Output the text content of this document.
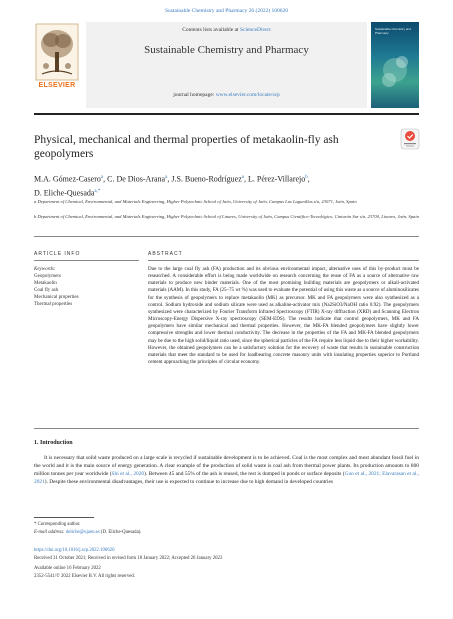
Sustainable Chemistry and Pharmacy 26 (2022) 100620
ELSEVIER
Contents lists available at ScienceDirect
Sustainable Chemistry and Pharmacy
journal homepage: www.elsevier.com/locate/scp
Sustainable Chemistry and Pharmacy
Physical, mechanical and thermal properties of metakaolin-fly ash geopolymers
M.A. Gómez-Casero$^a$, C. De Dios-Arana$^a$, J.S. Bueno-Rodríguez$^a$, L. Pérez-Villarejo$^b$,
D. Eliche-Quesada$^{a,*}$
a Department of Chemical, Environmental, and Materials Engineering, Higher Polytechnic School of Jaén, University of Jaén, Campus Las Lagunillas s/n, 23071, Jaén, Spain
b Department of Chemical, Environmental, and Materials Engineering, Higher Polytechnic School of Linares, University of Jaén, Campus Científico-Tecnológico, Cinturón Sur s/n, 23700, Linares, Jaén, Spain
ARTICLE INFO
Keywords:
Geopolymers
Metakaolin
Coal fly ash
Mechanical properties
Thermal properties
ABSTRACT
Due to the large coal fly ash (FA) production and its obvious environmental impact, alternative uses of this by-product must be researched. A considerable effort is being made worldwide on research concerning the reuse of FA as a source of alternative raw materials to produce new binder materials. One of the most promising building materials are geopolymers or alkali-activated materials (AAM). In this study, FA (25–75 wt %) was used to evaluate the potential of using this waste as a source of aluminosilicates for the synthesis of geopolymers to replace metakaolin (MK) as precursor. MK and FA geopolymers were also synthesized as a control. Sodium hydroxide and sodium silicate were used as alkaline-activator mix (Na2SiO3/NaOH ratio 0.92). The geopolymers synthesized were characterized by Fourier Transform Infrared Spectroscopy (FTIR) X-ray diffraction (XRD) and Scanning Electron Microscopy-Energy Dispersive X-ray spectroscopy (SEM-EDS). The results indicate that control geopolymers, MK and FA geopolymers have similar mechanical and thermal properties. However, the MK-FA blended geopolymers have slightly lower compressive strengths and lower thermal conductivity. The decrease in the properties of the FA and MK-FA blended geopolymers may be due to the high solid/liquid ratio used, since the spherical particles of the FA require less liquid due to their higher workability. However, the obtained geopolymers can be a satisfactory solution for the recovery of waste that results in sustainable construction materials that meet the standard to be used for loadbearing concrete masonry units with insulating properties superior to Portland cement approaching the principles of circular economy.
1. Introduction
It is necessary that solid waste produced on a large scale is recycled if sustainable development is to be achieved. Coal is the most complex and most abundant fossil fuel in the world and it is the main source of energy generation. A clear example of the production of solid waste is coal ash from thermal power plants. Its production amounts to 800 million tonnes per year worldwide (Shi et al., 2020). Between 45 and 55% of the ash is reused, the rest is dumped in ponds or surface deposits (Guo et al., 2021; Elavarasan et al., 2021). Despite these environmental disadvantages, their use is expected to continue to increase due to high demand in developed countries
* Corresponding author.
E-mail address: deliche@ujaen.es (D. Eliche-Quesada).
https://doi.org/10.1016/j.scp.2022.100620
Received 31 October 2021; Received in revised form 18 January 2022; Accepted 26 January 2022
Available online 16 February 2022
2352-5541/© 2022 Elsevier B.V. All rights reserved.
